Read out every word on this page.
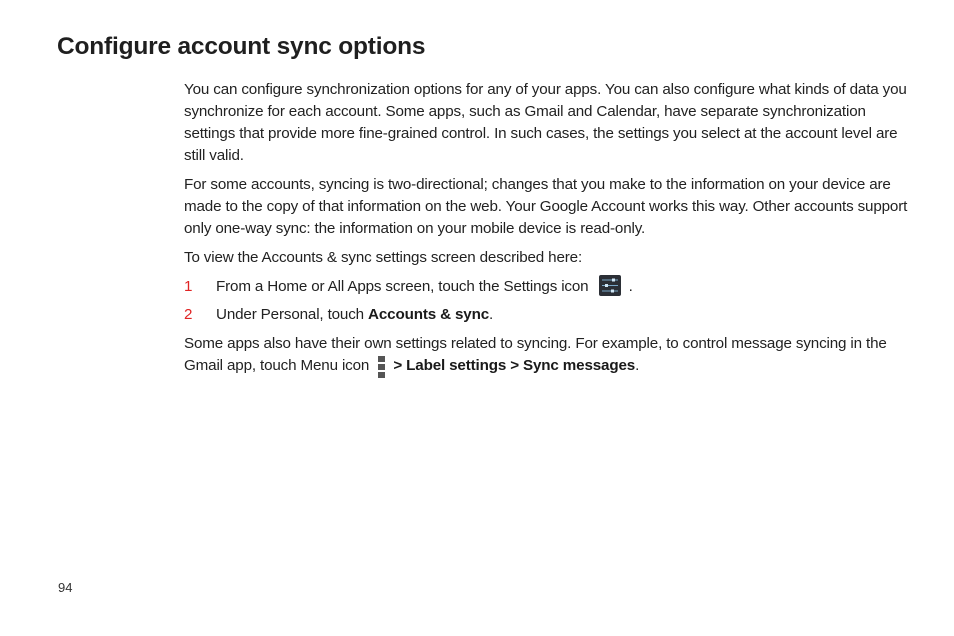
Configure account sync options

You can configure synchronization options for any of your apps. You can also configure what kinds of data you synchronize for each account. Some apps, such as Gmail and Calendar, have separate synchronization settings that provide more fine-grained control. In such cases, the settings you select at the account level are still valid.

For some accounts, syncing is two-directional; changes that you make to the information on your device are made to the copy of that information on the web. Your Google Account works this way. Other accounts support only one-way sync: the information on your mobile device is read-only.

To view the Accounts & sync settings screen described here:

1 From a Home or All Apps screen, touch the Settings icon	.
2 Under Personal, touch Accounts & sync.

Some apps also have their own settings related to syncing. For example, to control message syncing in the Gmail app, touch Menu icon > Label settings > Sync messages.

94
